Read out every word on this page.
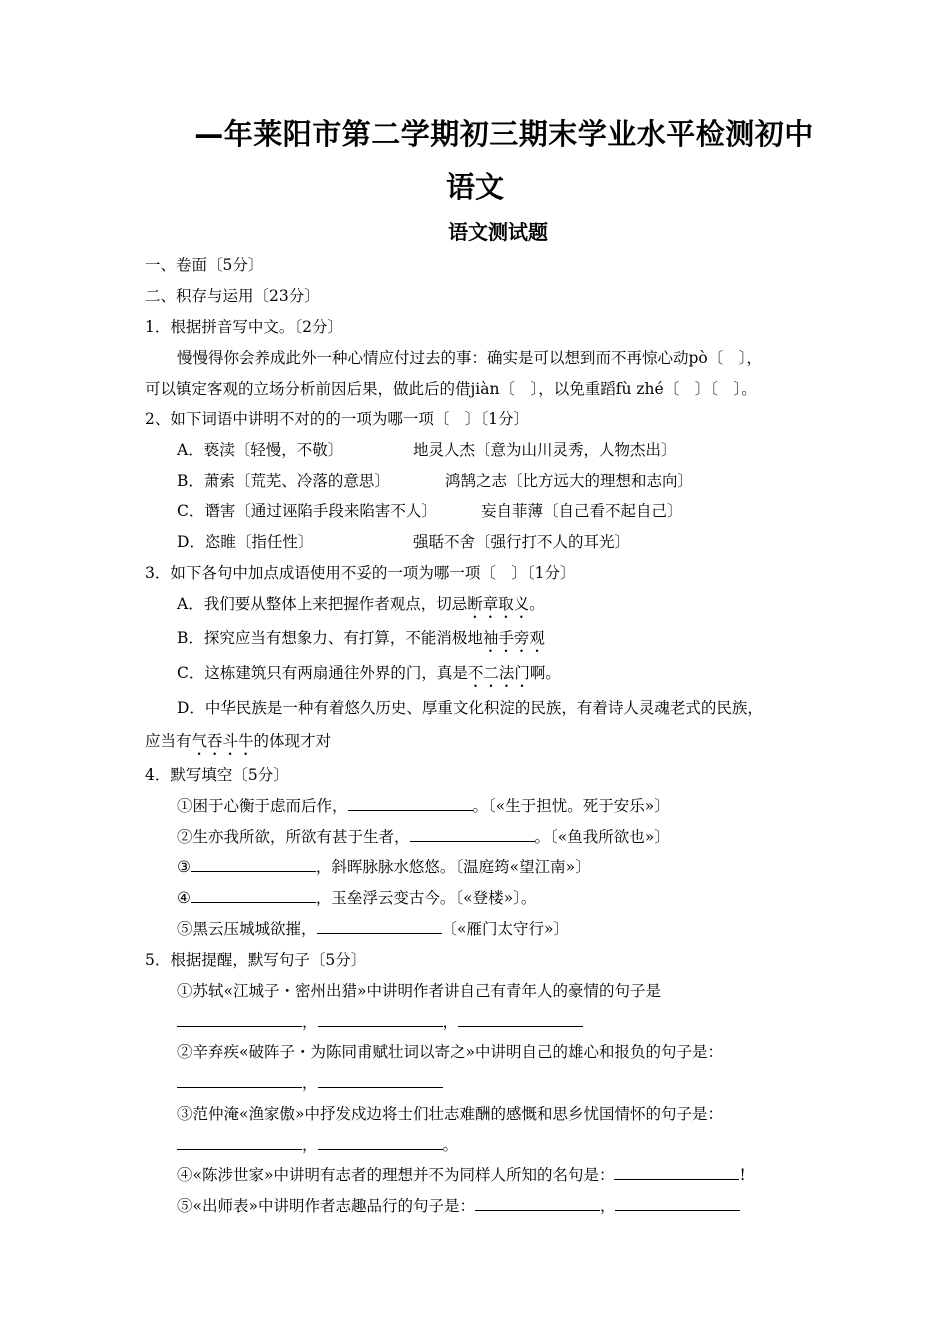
—年莱阳市第二学期初三期末学业水平检测初中
语文
语文测试题
一、卷面〔5分〕
二、积存与运用〔23分〕
1．根据拼音写中文。〔2分〕
慢慢得你会养成此外一种心情应付过去的事：确实是可以想到而不再惊心动pò〔　〕，
可以镇定客观的立场分析前因后果，做此后的借jiàn〔　〕，以免重蹈fù zhé〔　〕〔　〕。
2、如下词语中讲明不对的的一项为哪一项〔　〕〔1分〕
A．亵渎〔轻慢，不敬〕	地灵人杰〔意为山川灵秀，人物杰出〕
B．萧索〔荒芜、冷落的意思〕	鸿鹄之志〔比方远大的理想和志向〕
C．谮害〔通过诬陷手段来陷害不人〕	妄自菲薄〔自己看不起自己〕
D．恣睢〔指任性〕	强聒不舍〔强行打不人的耳光〕
3．如下各句中加点成语使用不妥的一项为哪一项〔　〕〔1分〕
A．我们要从整体上来把握作者观点，切忌断章取义。
B．探究应当有想象力、有打算，不能消极地袖手旁观
C．这栋建筑只有两扇通往外界的门，真是不二法门啊。
D．中华民族是一种有着悠久历史、厚重文化积淀的民族，有着诗人灵魂老式的民族，
应当有气吞斗牛的体现才对
4．默写填空〔5分〕
①困于心衡于虑而后作，	。〔«生于担忧。死于安乐»〕
②生亦我所欲，所欲有甚于生者，	。〔«鱼我所欲也»〕
③	，斜晖脉脉水悠悠。〔温庭筠«望江南»〕
④	，玉垒浮云变古今。〔«登楼»〕。
⑤黑云压城城欲摧，	〔«雁门太守行»〕
5．根据提醒，默写句子〔5分〕
①苏轼«江城子・密州出猎»中讲明作者讲自己有青年人的豪情的句子是
，	，
②辛弃疾«破阵子・为陈同甫赋壮词以寄之»中讲明自己的雄心和报负的句子是：
，
③范仲淹«渔家傲»中抒发戍边将士们壮志难酬的感慨和思乡忧国情怀的句子是：
，	。
④«陈涉世家»中讲明有志者的理想并不为同样人所知的名句是：	!
⑤«出师表»中讲明作者志趣品行的句子是：	，
